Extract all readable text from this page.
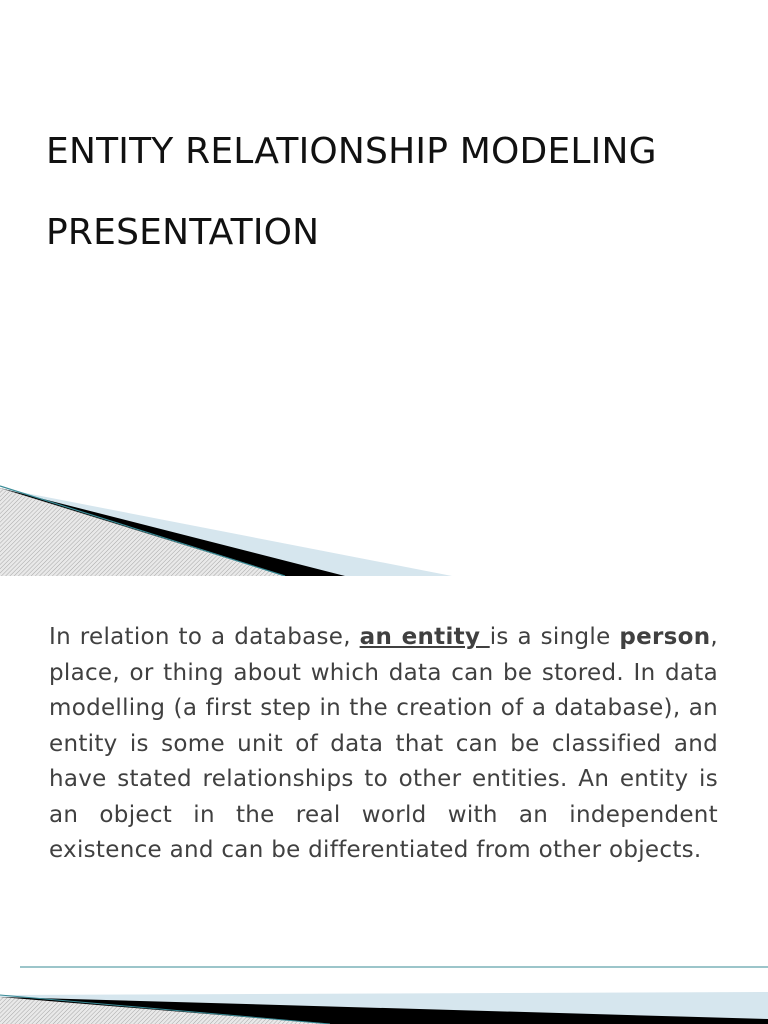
ENTITY RELATIONSHIP MODELING
PRESENTATION

In relation to a database, an entity is a single person, place, or thing about which data can be stored. In data modelling (a first step in the creation of a database), an entity is some unit of data that can be classified and have stated relationships to other entities. An entity is an object in the real world with an independent existence and can be differentiated from other objects.
